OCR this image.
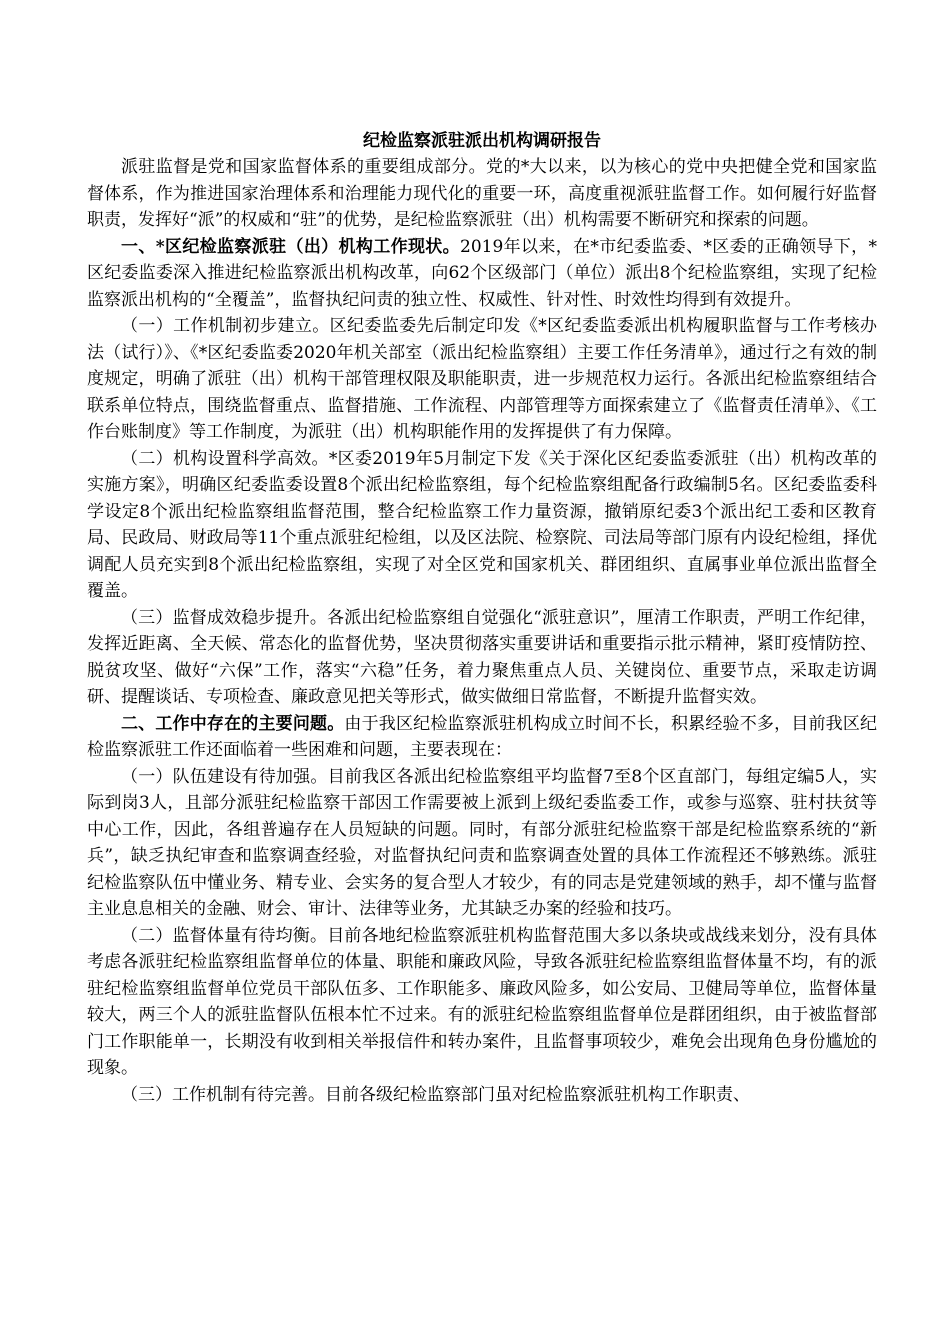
纪检监察派驻派出机构调研报告

派驻监督是党和国家监督体系的重要组成部分。党的*大以来，以为核心的党中央把健全党和国家监督体系，作为推进国家治理体系和治理能力现代化的重要一环，高度重视派驻监督工作。如何履行好监督职责，发挥好“派”的权威和“驻”的优势，是纪检监察派驻（出）机构需要不断研究和探索的问题。

一、*区纪检监察派驻（出）机构工作现状。2019年以来，在*市纪委监委、*区委的正确领导下，*区纪委监委深入推进纪检监察派出机构改革，向62个区级部门（单位）派出8个纪检监察组，实现了纪检监察派出机构的“全覆盖”，监督执纪问责的独立性、权威性、针对性、时效性均得到有效提升。

（一）工作机制初步建立。区纪委监委先后制定印发《*区纪委监委派出机构履职监督与工作考核办法（试行）》、《*区纪委监委2020年机关部室（派出纪检监察组）主要工作任务清单》，通过行之有效的制度规定，明确了派驻（出）机构干部管理权限及职能职责，进一步规范权力运行。各派出纪检监察组结合联系单位特点，围绕监督重点、监督措施、工作流程、内部管理等方面探索建立了《监督责任清单》、《工作台账制度》等工作制度，为派驻（出）机构职能作用的发挥提供了有力保障。

（二）机构设置科学高效。*区委2019年5月制定下发《关于深化区纪委监委派驻（出）机构改革的实施方案》，明确区纪委监委设置8个派出纪检监察组，每个纪检监察组配备行政编制5名。区纪委监委科学设定8个派出纪检监察组监督范围，整合纪检监察工作力量资源，撤销原纪委3个派出纪工委和区教育局、民政局、财政局等11个重点派驻纪检组，以及区法院、检察院、司法局等部门原有内设纪检组，择优调配人员充实到8个派出纪检监察组，实现了对全区党和国家机关、群团组织、直属事业单位派出监督全覆盖。

（三）监督成效稳步提升。各派出纪检监察组自觉强化“派驻意识”，厘清工作职责，严明工作纪律，发挥近距离、全天候、常态化的监督优势，坚决贯彻落实重要讲话和重要指示批示精神，紧盯疫情防控、脱贫攻坚、做好“六保”工作，落实“六稳”任务，着力聚焦重点人员、关键岗位、重要节点，采取走访调研、提醒谈话、专项检查、廉政意见把关等形式，做实做细日常监督，不断提升监督实效。

二、工作中存在的主要问题。由于我区纪检监察派驻机构成立时间不长，积累经验不多，目前我区纪检监察派驻工作还面临着一些困难和问题，主要表现在：

（一）队伍建设有待加强。目前我区各派出纪检监察组平均监督7至8个区直部门，每组定编5人，实际到岗3人，且部分派驻纪检监察干部因工作需要被上派到上级纪委监委工作，或参与巡察、驻村扶贫等中心工作，因此，各组普遍存在人员短缺的问题。同时，有部分派驻纪检监察干部是纪检监察系统的“新兵”，缺乏执纪审查和监察调查经验，对监督执纪问责和监察调查处置的具体工作流程还不够熟练。派驻纪检监察队伍中懂业务、精专业、会实务的复合型人才较少，有的同志是党建领域的熟手，却不懂与监督主业息息相关的金融、财会、审计、法律等业务，尤其缺乏办案的经验和技巧。

（二）监督体量有待均衡。目前各地纪检监察派驻机构监督范围大多以条块或战线来划分，没有具体考虑各派驻纪检监察组监督单位的体量、职能和廉政风险，导致各派驻纪检监察组监督体量不均，有的派驻纪检监察组监督单位党员干部队伍多、工作职能多、廉政风险多，如公安局、卫健局等单位，监督体量较大，两三个人的派驻监督队伍根本忙不过来。有的派驻纪检监察组监督单位是群团组织，由于被监督部门工作职能单一，长期没有收到相关举报信件和转办案件，且监督事项较少，难免会出现角色身份尴尬的现象。

（三）工作机制有待完善。目前各级纪检监察部门虽对纪检监察派驻机构工作职责、
